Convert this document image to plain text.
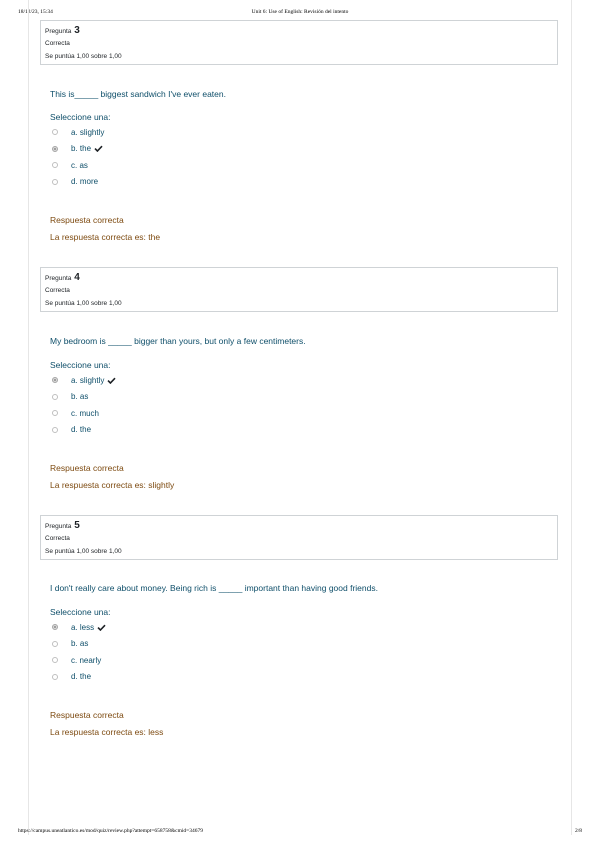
18/12/23, 15:34	Unit 6: Use of English: Revisión del intento
Pregunta 3
Correcta
Se puntúa 1,00 sobre 1,00
This is_____ biggest sandwich I've ever eaten.
Seleccione una:
a. slightly
b. the
c. as
d. more
Respuesta correcta
La respuesta correcta es: the
Pregunta 4
Correcta
Se puntúa 1,00 sobre 1,00
My bedroom is _____ bigger than yours, but only a few centimeters.
Seleccione una:
a. slightly
b. as
c. much
d. the
Respuesta correcta
La respuesta correcta es: slightly
Pregunta 5
Correcta
Se puntúa 1,00 sobre 1,00
I don't really care about money. Being rich is _____ important than having good friends.
Seleccione una:
a. less
b. as
c. nearly
d. the
Respuesta correcta
La respuesta correcta es: less
https://campus.uneatlantico.es/mod/quiz/review.php?attempt=658758&cmid=34679	2/8
